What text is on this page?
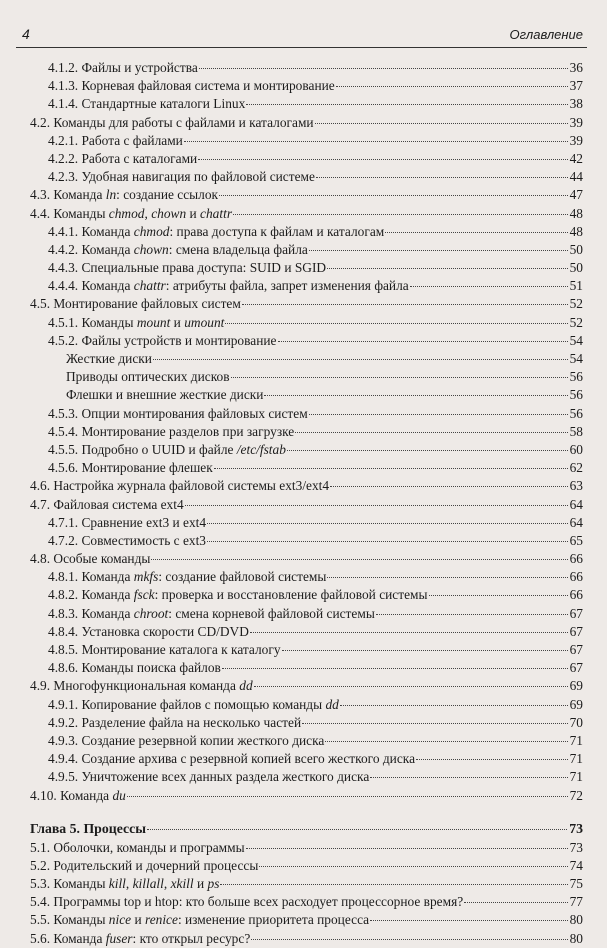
4	Оглавление
4.1.2. Файлы и устройства	36
4.1.3. Корневая файловая система и монтирование	37
4.1.4. Стандартные каталоги Linux	38
4.2. Команды для работы с файлами и каталогами	39
4.2.1. Работа с файлами	39
4.2.2. Работа с каталогами	42
4.2.3. Удобная навигация по файловой системе	44
4.3. Команда ln: создание ссылок	47
4.4. Команды chmod, chown и chattr	48
4.4.1. Команда chmod: права доступа к файлам и каталогам	48
4.4.2. Команда chown: смена владельца файла	50
4.4.3. Специальные права доступа: SUID и SGID	50
4.4.4. Команда chattr: атрибуты файла, запрет изменения файла	51
4.5. Монтирование файловых систем	52
4.5.1. Команды mount и umount	52
4.5.2. Файлы устройств и монтирование	54
Жесткие диски	54
Приводы оптических дисков	56
Флешки и внешние жесткие диски	56
4.5.3. Опции монтирования файловых систем	56
4.5.4. Монтирование разделов при загрузке	58
4.5.5. Подробно о UUID и файле /etc/fstab	60
4.5.6. Монтирование флешек	62
4.6. Настройка журнала файловой системы ext3/ext4	63
4.7. Файловая система ext4	64
4.7.1. Сравнение ext3 и ext4	64
4.7.2. Совместимость с ext3	65
4.8. Особые команды	66
4.8.1. Команда mkfs: создание файловой системы	66
4.8.2. Команда fsck: проверка и восстановление файловой системы	66
4.8.3. Команда chroot: смена корневой файловой системы	67
4.8.4. Установка скорости CD/DVD	67
4.8.5. Монтирование каталога к каталогу	67
4.8.6. Команды поиска файлов	67
4.9. Многофункциональная команда dd	69
4.9.1. Копирование файлов с помощью команды dd	69
4.9.2. Разделение файла на несколько частей	70
4.9.3. Создание резервной копии жесткого диска	71
4.9.4. Создание архива с резервной копией всего жесткого диска	71
4.9.5. Уничтожение всех данных раздела жесткого диска	71
4.10. Команда du	72
Глава 5. Процессы	73
5.1. Оболочки, команды и программы	73
5.2. Родительский и дочерний процессы	74
5.3. Команды kill, killall, xkill и ps	75
5.4. Программы top и htop: кто больше всех расходует процессорное время?	77
5.5. Команды nice и renice: изменение приоритета процесса	80
5.6. Команда fuser: кто открыл ресурс?	80
